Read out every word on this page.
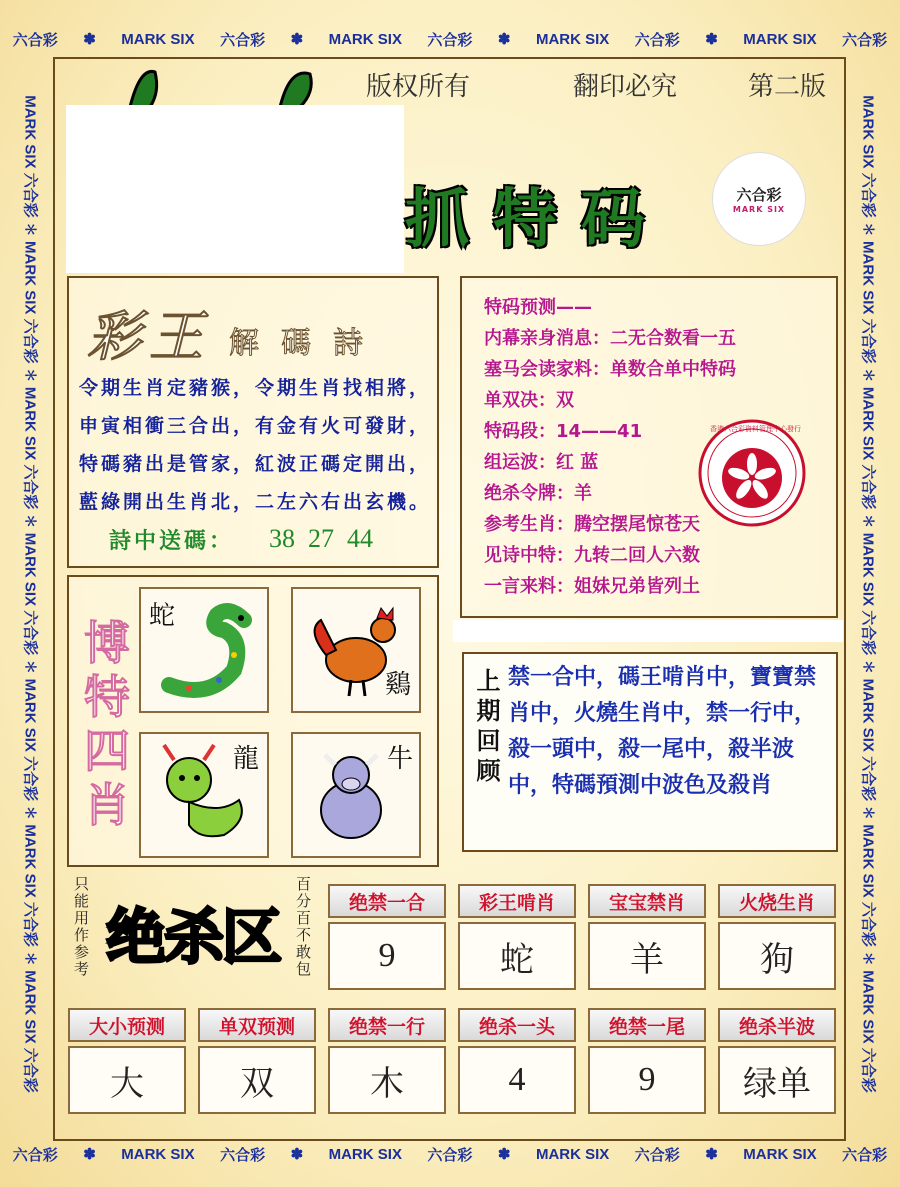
六合彩 ✽ MARK SIX 六合彩 ✽ MARK SIX 六合彩 ✽ MARK SIX 六合彩 ✽ MARK SIX 六合彩
六合彩 ✽ MARK SIX 六合彩 ✽ MARK SIX 六合彩 ✽ MARK SIX 六合彩 ✽ MARK SIX 六合彩
MARK SIX 六合彩 ✽ MARK SIX 六合彩 ✽ MARK SIX 六合彩 ✽ MARK SIX 六合彩 ✽ MARK SIX 六合彩 ✽ MARK SIX 六合彩 ✽ MARK SIX 六合彩	MARK SIX 六合彩 ✽ MARK SIX 六合彩 ✽ MARK SIX 六合彩 ✽ MARK SIX 六合彩 ✽ MARK SIX 六合彩 ✽ MARK SIX 六合彩 ✽ MARK SIX 六合彩
版权所有	翻印必究	第二版
抓特码	六合彩
MARK SIX
彩王 解碼詩
令期生肖定豬猴，令期生肖找相將，
申寅相衝三合出，有金有火可發財，
特碼豬出是管家，紅波正碼定開出，
藍綠開出生肖北，二左六右出玄機。
詩中送碼： 38  27  44
特码预测——
内幕亲身消息：二无合数看一五
塞马会读家料：单数合单中特码
单双决：双
特码段：14——41
组运波：红 蓝
绝杀令牌：羊
参考生肖：腾空摆尾惊苍天
见诗中特：九转二回人六数
一言来料：姐妹兄弟皆列土
香港六合彩資料管理中心發行
博特四肖
蛇
鷄
龍	牛 上期回顾 禁一合中，碼王啃肖中，寶寶禁肖中，火燒生肖中，禁一行中，殺一頭中，殺一尾中，殺半波中，特碼預測中波色及殺肖
只能用作参考 绝杀区 百分百不敢包	绝禁一合	彩王啃肖	宝宝禁肖	火烧生肖
9	蛇	羊	狗
大小预测	单双预测	绝禁一行	绝杀一头	绝禁一尾	绝杀半波
大	双	木	4	9	绿单
